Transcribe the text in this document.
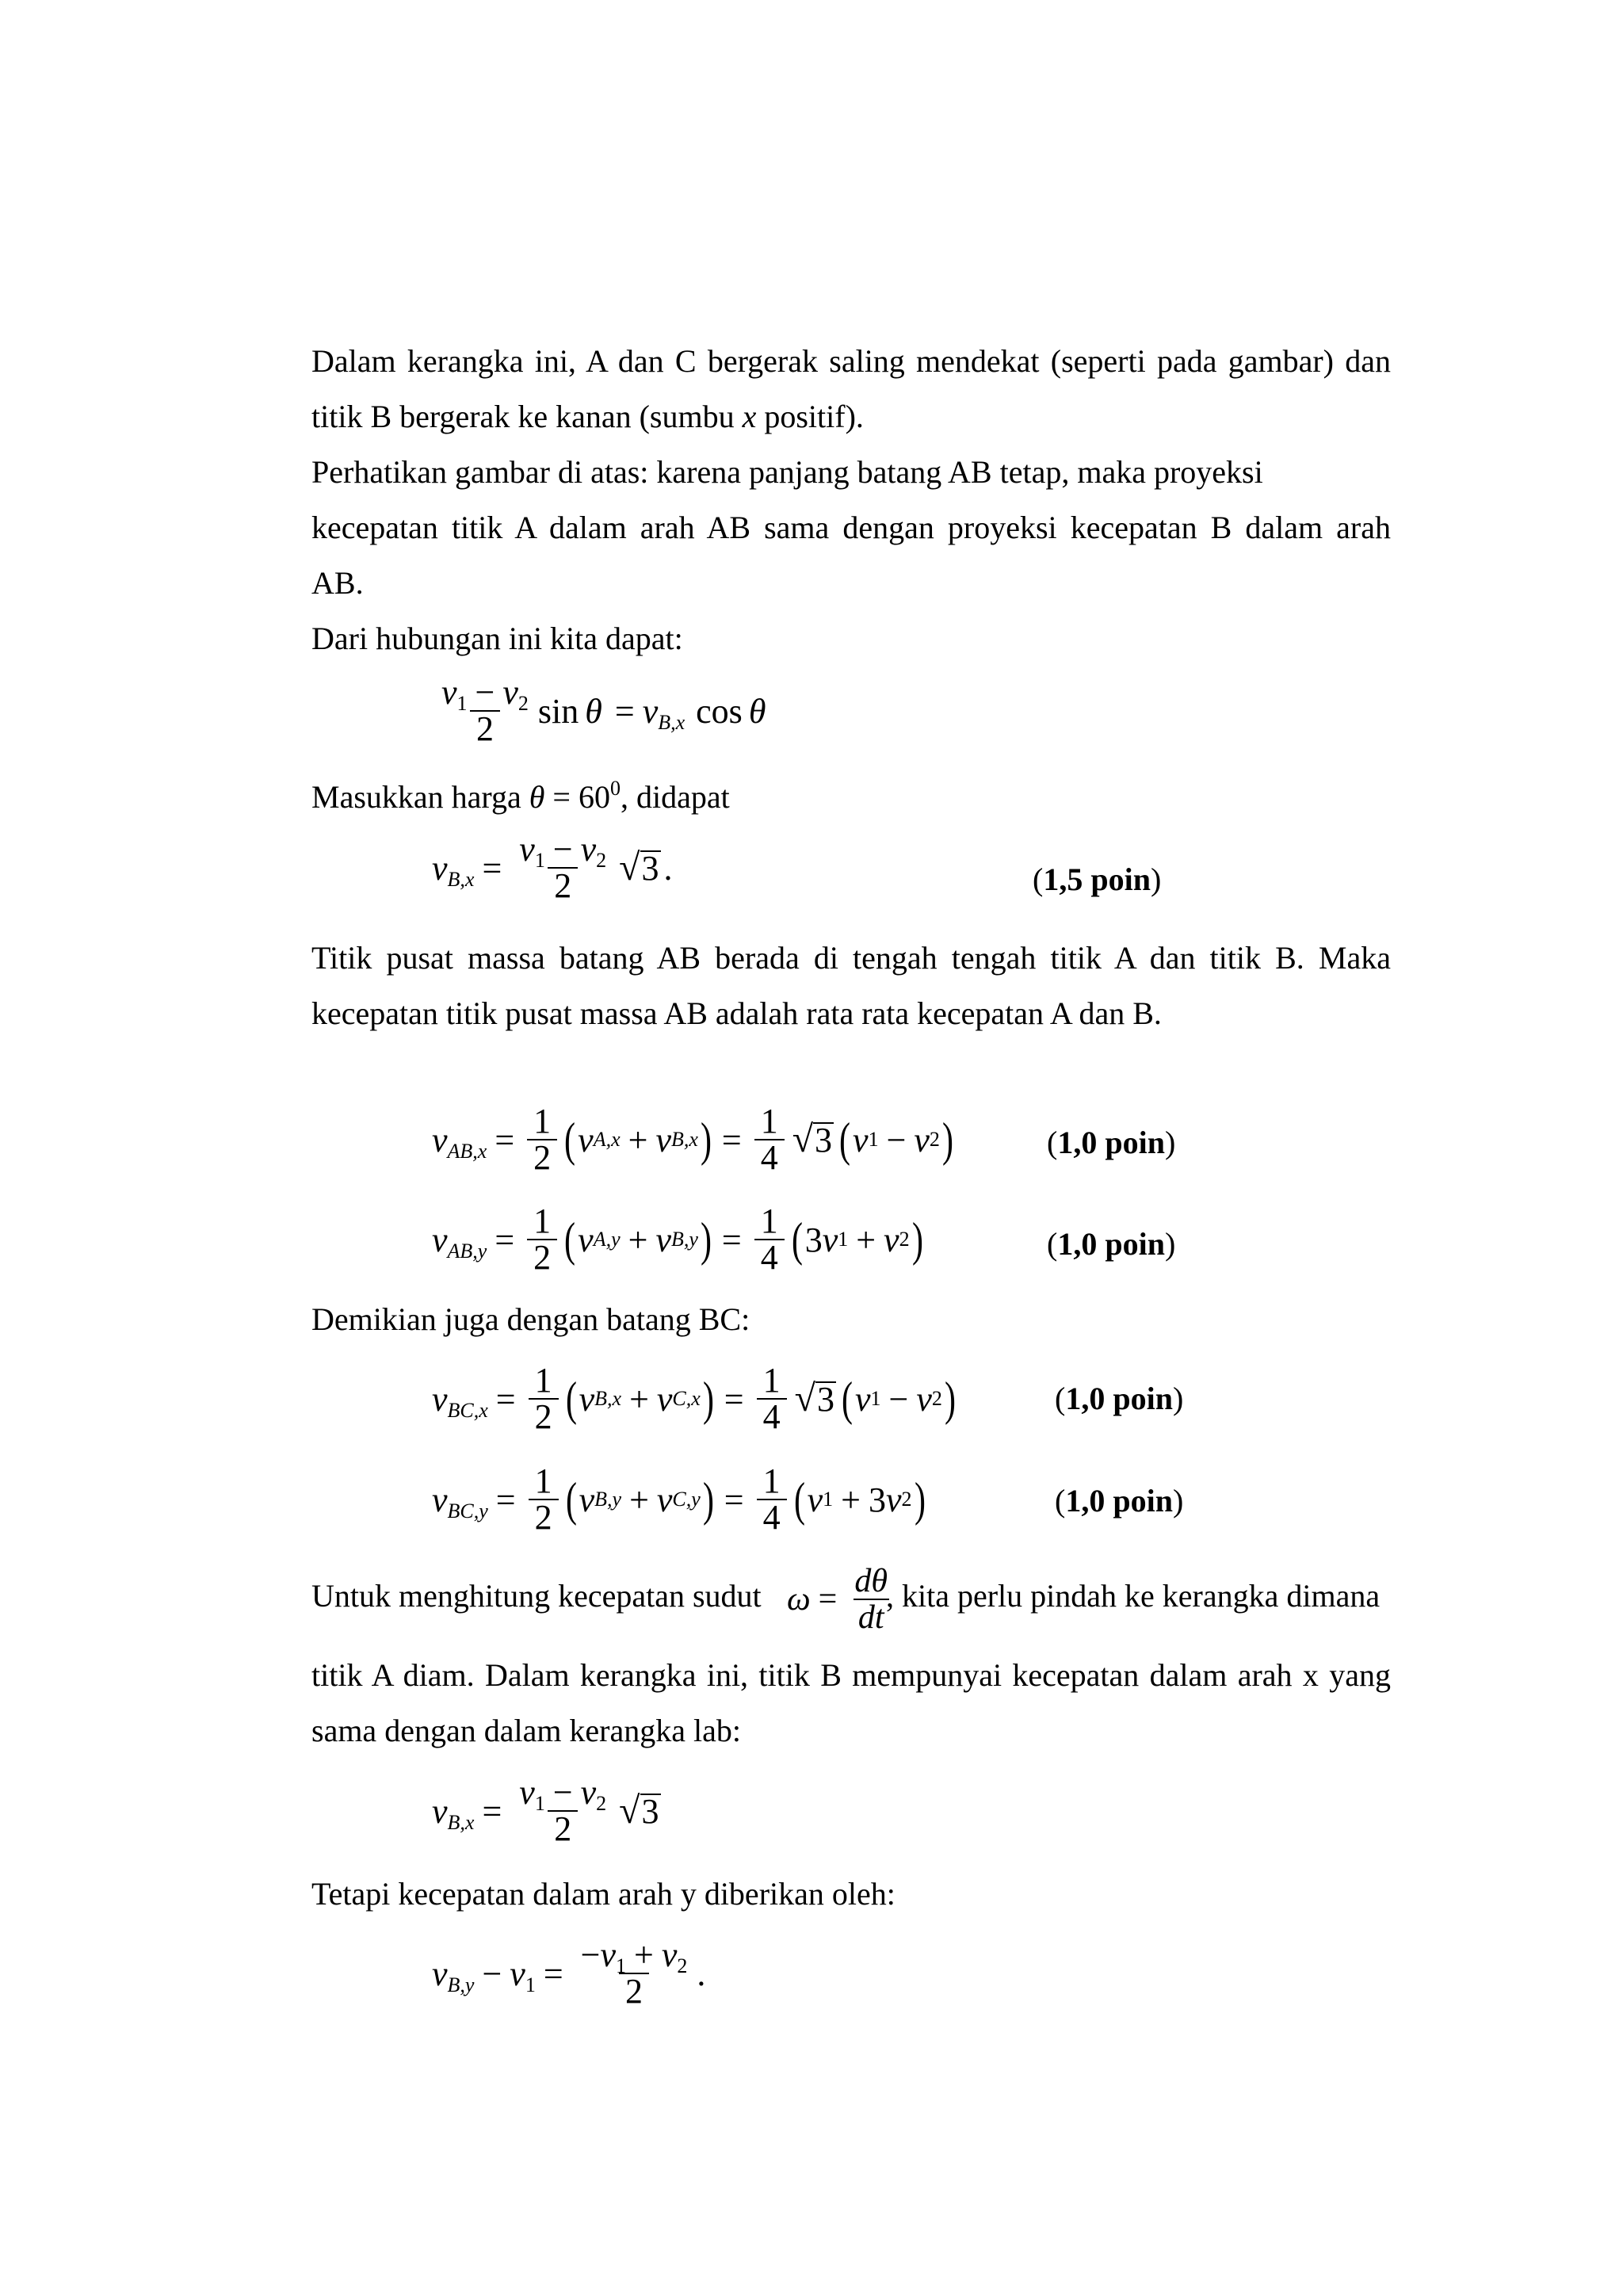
Dalam kerangka ini, A dan C bergerak saling mendekat (seperti pada gambar) dan
titik B bergerak ke kanan (sumbu x positif).
Perhatikan gambar di atas: karena panjang batang AB tetap, maka proyeksi
kecepatan titik A dalam arah AB sama dengan proyeksi kecepatan B dalam arah
AB.
Dari hubungan ini kita dapat:
$\frac{v_1 - v_2}{2}$ $\sin \theta = v_{B,x}$ cos θ
Masukkan harga $\theta = 60^0$, didapat
$v_{B,x} = \frac{v_1 - v_2}{2}$ √ 3 .	(1,5 poin)
Titik pusat massa batang AB berada di tengah tengah titik A dan titik B. Maka
kecepatan titik pusat massa AB adalah rata rata kecepatan A dan B.
$v_{AB,x} = \frac{1}{2}$ ( v A,x + v B,x ) = $\frac{1}{4}$ √ 3 ( v 1 − v 2 )	(1,0 poin)
$v_{AB,y} = \frac{1}{2}$ ( v A,y + v B,y ) = $\frac{1}{4}$ ( 3 v 1 + v 2 )	(1,0 poin)
Demikian juga dengan batang BC:
$v_{BC,x} = \frac{1}{2}$ ( v B,x + v C,x ) = $\frac{1}{4}$ √ 3 ( v 1 − v 2 )	(1,0 poin)
$v_{BC,y} = \frac{1}{2}$ ( v B,y + v C,y ) = $\frac{1}{4}$ ( v 1 + 3 v 2 )	(1,0 poin)
Untuk menghitung kecepatan sudut $\omega = \frac{d\theta}{dt}$
, kita perlu pindah ke kerangka dimana
titik A diam. Dalam kerangka ini, titik B mempunyai kecepatan dalam arah x yang
sama dengan dalam kerangka lab:
$v_{B,x} = \frac{v_1 - v_2}{2}$ √ 3
Tetapi kecepatan dalam arah y diberikan oleh:
$v_{B,y} - v_1 = \frac{-v_1 + v_2}{2}$ .
